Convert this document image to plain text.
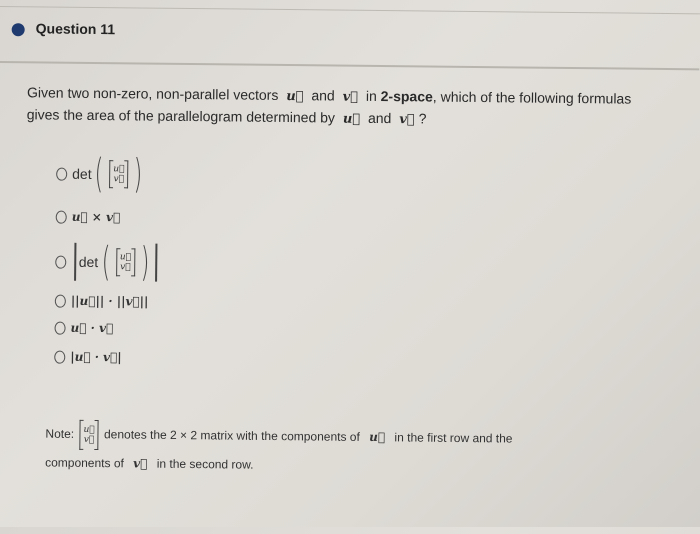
Question 11
Given two non-zero, non-parallel vectors u⃗ and v⃗ in 2-space, which of the following formulas
gives the area of the parallelogram determined by u⃗ and v⃗ ?
det ( u⃗
v⃗ )
u⃗ × v⃗
det ( u⃗
v⃗ )
||u⃗|| · ||v⃗||
u⃗ · v⃗
|u⃗ · v⃗|
Note: u⃗
v⃗ denotes the 2 × 2 matrix with the components of u⃗ in the first row and the
components of v⃗ in the second row.
